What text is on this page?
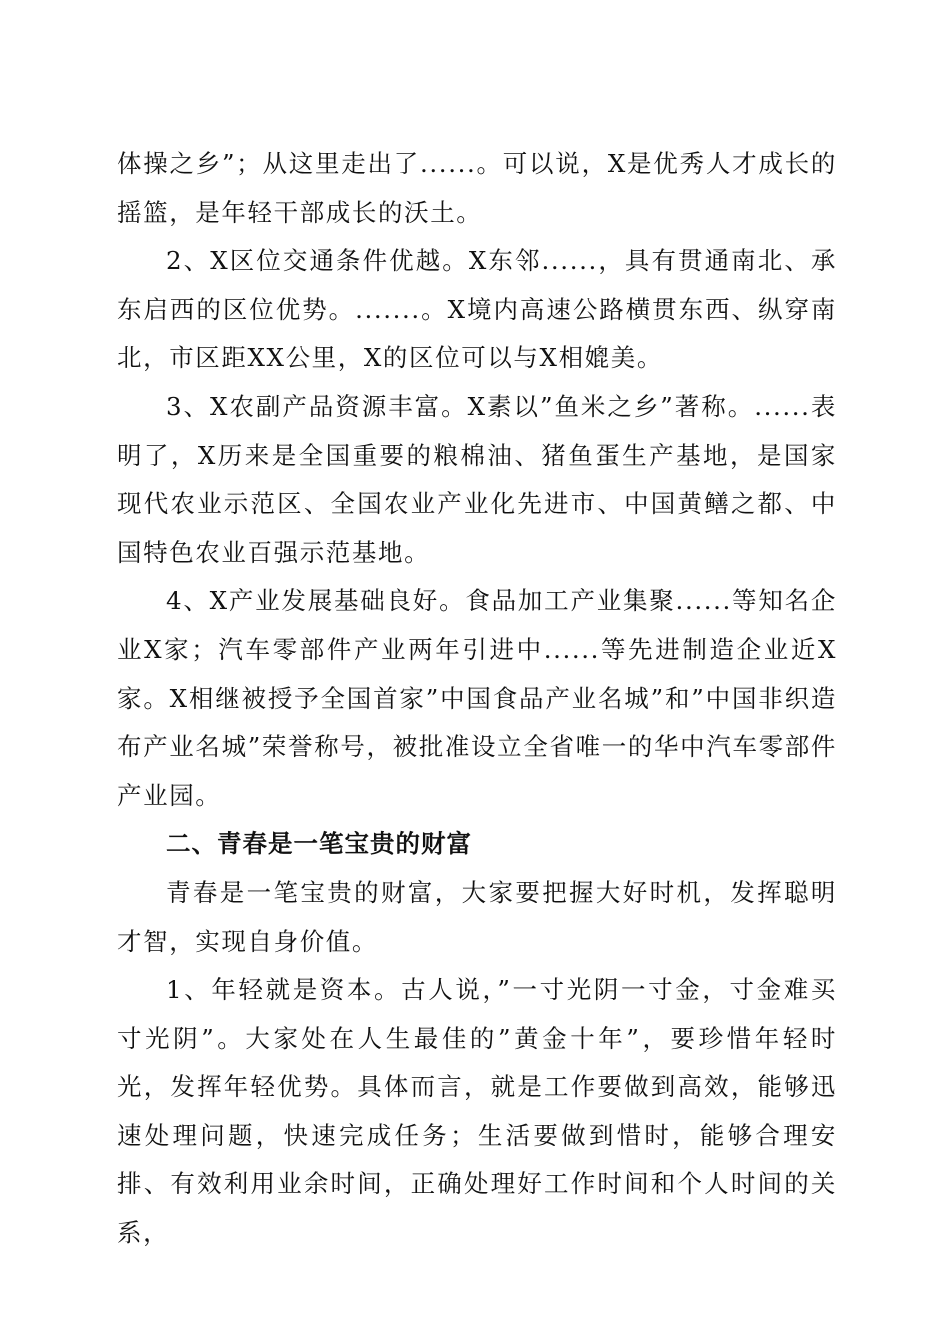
体操之乡”；从这里走出了......。可以说，X是优秀人才成长的摇篮，是年轻干部成长的沃土。

2、X区位交通条件优越。X东邻......，具有贯通南北、承东启西的区位优势。.......。X境内高速公路横贯东西、纵穿南北，市区距XX公里，X的区位可以与X相媲美。

3、X农副产品资源丰富。X素以”鱼米之乡”著称。......表明了，X历来是全国重要的粮棉油、猪鱼蛋生产基地，是国家现代农业示范区、全国农业产业化先进市、中国黄鳝之都、中国特色农业百强示范基地。

4、X产业发展基础良好。食品加工产业集聚......等知名企业X家；汽车零部件产业两年引进中......等先进制造企业近X家。X相继被授予全国首家”中国食品产业名城”和”中国非织造布产业名城”荣誉称号，被批准设立全省唯一的华中汽车零部件产业园。

二、青春是一笔宝贵的财富

青春是一笔宝贵的财富，大家要把握大好时机，发挥聪明才智，实现自身价值。

1、年轻就是资本。古人说，”一寸光阴一寸金，寸金难买寸光阴”。大家处在人生最佳的”黄金十年”，要珍惜年轻时光，发挥年轻优势。具体而言，就是工作要做到高效，能够迅速处理问题，快速完成任务；生活要做到惜时，能够合理安排、有效利用业余时间，正确处理好工作时间和个人时间的关系，
